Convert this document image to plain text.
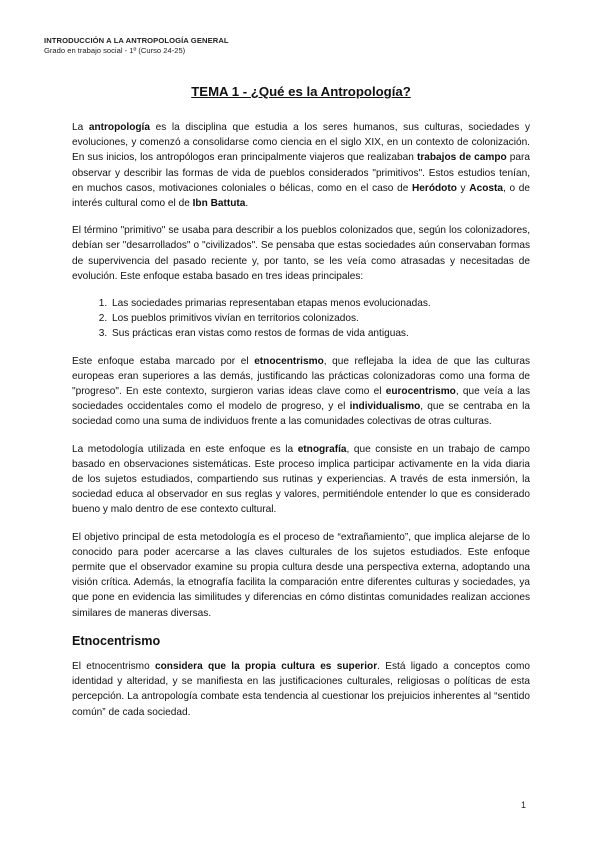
INTRODUCCIÓN A LA ANTROPOLOGÍA GENERAL
Grado en trabajo social - 1º (Curso 24-25)
TEMA 1 - ¿Qué es la Antropología?

La antropología es la disciplina que estudia a los seres humanos, sus culturas, sociedades y evoluciones, y comenzó a consolidarse como ciencia en el siglo XIX, en un contexto de colonización. En sus inicios, los antropólogos eran principalmente viajeros que realizaban trabajos de campo para observar y describir las formas de vida de pueblos considerados "primitivos". Estos estudios tenían, en muchos casos, motivaciones coloniales o bélicas, como en el caso de Heródoto y Acosta, o de interés cultural como el de Ibn Battuta.

El término "primitivo" se usaba para describir a los pueblos colonizados que, según los colonizadores, debían ser "desarrollados" o "civilizados". Se pensaba que estas sociedades aún conservaban formas de supervivencia del pasado reciente y, por tanto, se les veía como atrasadas y necesitadas de evolución. Este enfoque estaba basado en tres ideas principales:

1. Las sociedades primarias representaban etapas menos evolucionadas.
2. Los pueblos primitivos vivían en territorios colonizados.
3. Sus prácticas eran vistas como restos de formas de vida antiguas.

Este enfoque estaba marcado por el etnocentrismo, que reflejaba la idea de que las culturas europeas eran superiores a las demás, justificando las prácticas colonizadoras como una forma de "progreso". En este contexto, surgieron varias ideas clave como el eurocentrismo, que veía a las sociedades occidentales como el modelo de progreso, y el individualismo, que se centraba en la sociedad como una suma de individuos frente a las comunidades colectivas de otras culturas.

La metodología utilizada en este enfoque es la etnografía, que consiste en un trabajo de campo basado en observaciones sistemáticas. Este proceso implica participar activamente en la vida diaria de los sujetos estudiados, compartiendo sus rutinas y experiencias. A través de esta inmersión, la sociedad educa al observador en sus reglas y valores, permitiéndole entender lo que es considerado bueno y malo dentro de ese contexto cultural.

El objetivo principal de esta metodología es el proceso de “extrañamiento”, que implica alejarse de lo conocido para poder acercarse a las claves culturales de los sujetos estudiados. Este enfoque permite que el observador examine su propia cultura desde una perspectiva externa, adoptando una visión crítica. Además, la etnografía facilita la comparación entre diferentes culturas y sociedades, ya que pone en evidencia las similitudes y diferencias en cómo distintas comunidades realizan acciones similares de maneras diversas.

Etnocentrismo

El etnocentrismo considera que la propia cultura es superior. Está ligado a conceptos como identidad y alteridad, y se manifiesta en las justificaciones culturales, religiosas o políticas de esta percepción. La antropología combate esta tendencia al cuestionar los prejuicios inherentes al “sentido común” de cada sociedad.

1
